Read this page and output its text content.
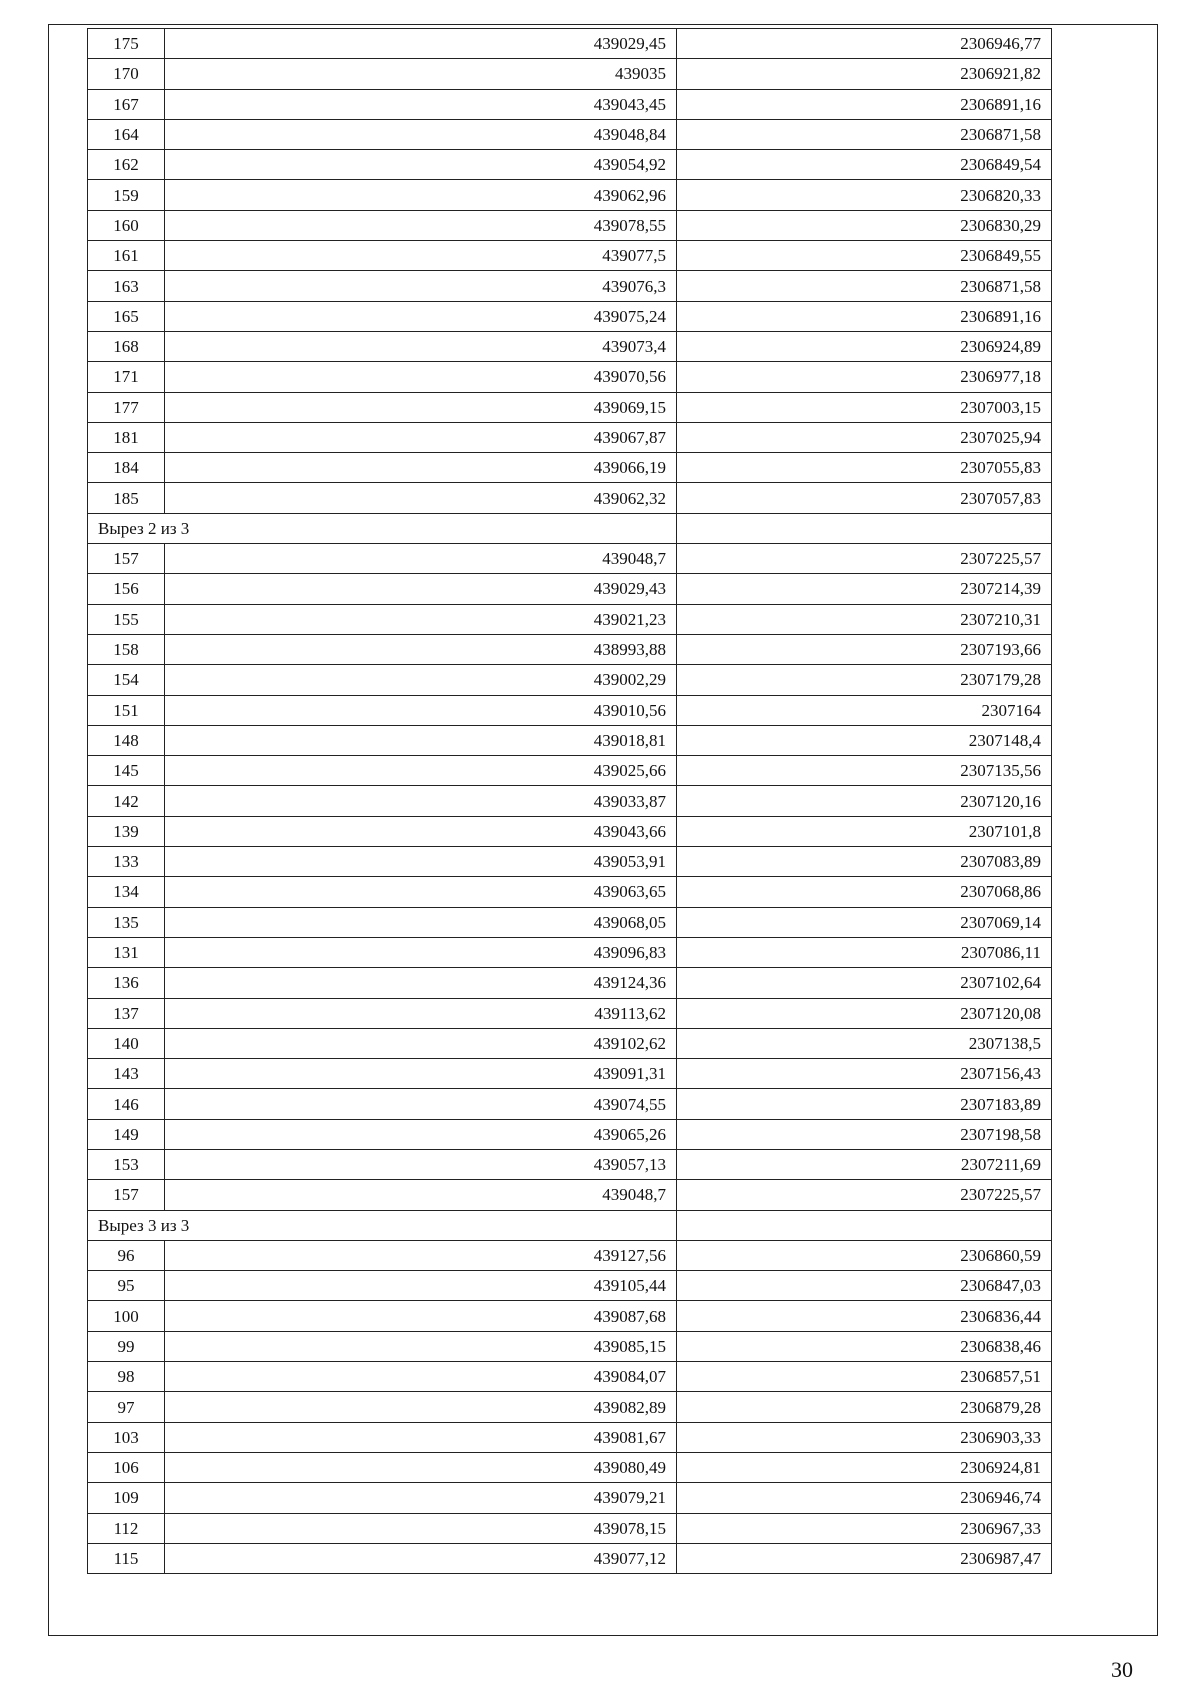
175	439029,45	2306946,77
170	439035	2306921,82
167	439043,45	2306891,16
164	439048,84	2306871,58
162	439054,92	2306849,54
159	439062,96	2306820,33
160	439078,55	2306830,29
161	439077,5	2306849,55
163	439076,3	2306871,58
165	439075,24	2306891,16
168	439073,4	2306924,89
171	439070,56	2306977,18
177	439069,15	2307003,15
181	439067,87	2307025,94
184	439066,19	2307055,83
185	439062,32	2307057,83
Вырез 2 из 3		
157	439048,7	2307225,57
156	439029,43	2307214,39
155	439021,23	2307210,31
158	438993,88	2307193,66
154	439002,29	2307179,28
151	439010,56	2307164
148	439018,81	2307148,4
145	439025,66	2307135,56
142	439033,87	2307120,16
139	439043,66	2307101,8
133	439053,91	2307083,89
134	439063,65	2307068,86
135	439068,05	2307069,14
131	439096,83	2307086,11
136	439124,36	2307102,64
137	439113,62	2307120,08
140	439102,62	2307138,5
143	439091,31	2307156,43
146	439074,55	2307183,89
149	439065,26	2307198,58
153	439057,13	2307211,69
157	439048,7	2307225,57
Вырез 3 из 3		
96	439127,56	2306860,59
95	439105,44	2306847,03
100	439087,68	2306836,44
99	439085,15	2306838,46
98	439084,07	2306857,51
97	439082,89	2306879,28
103	439081,67	2306903,33
106	439080,49	2306924,81
109	439079,21	2306946,74
112	439078,15	2306967,33
115	439077,12	2306987,47
30
